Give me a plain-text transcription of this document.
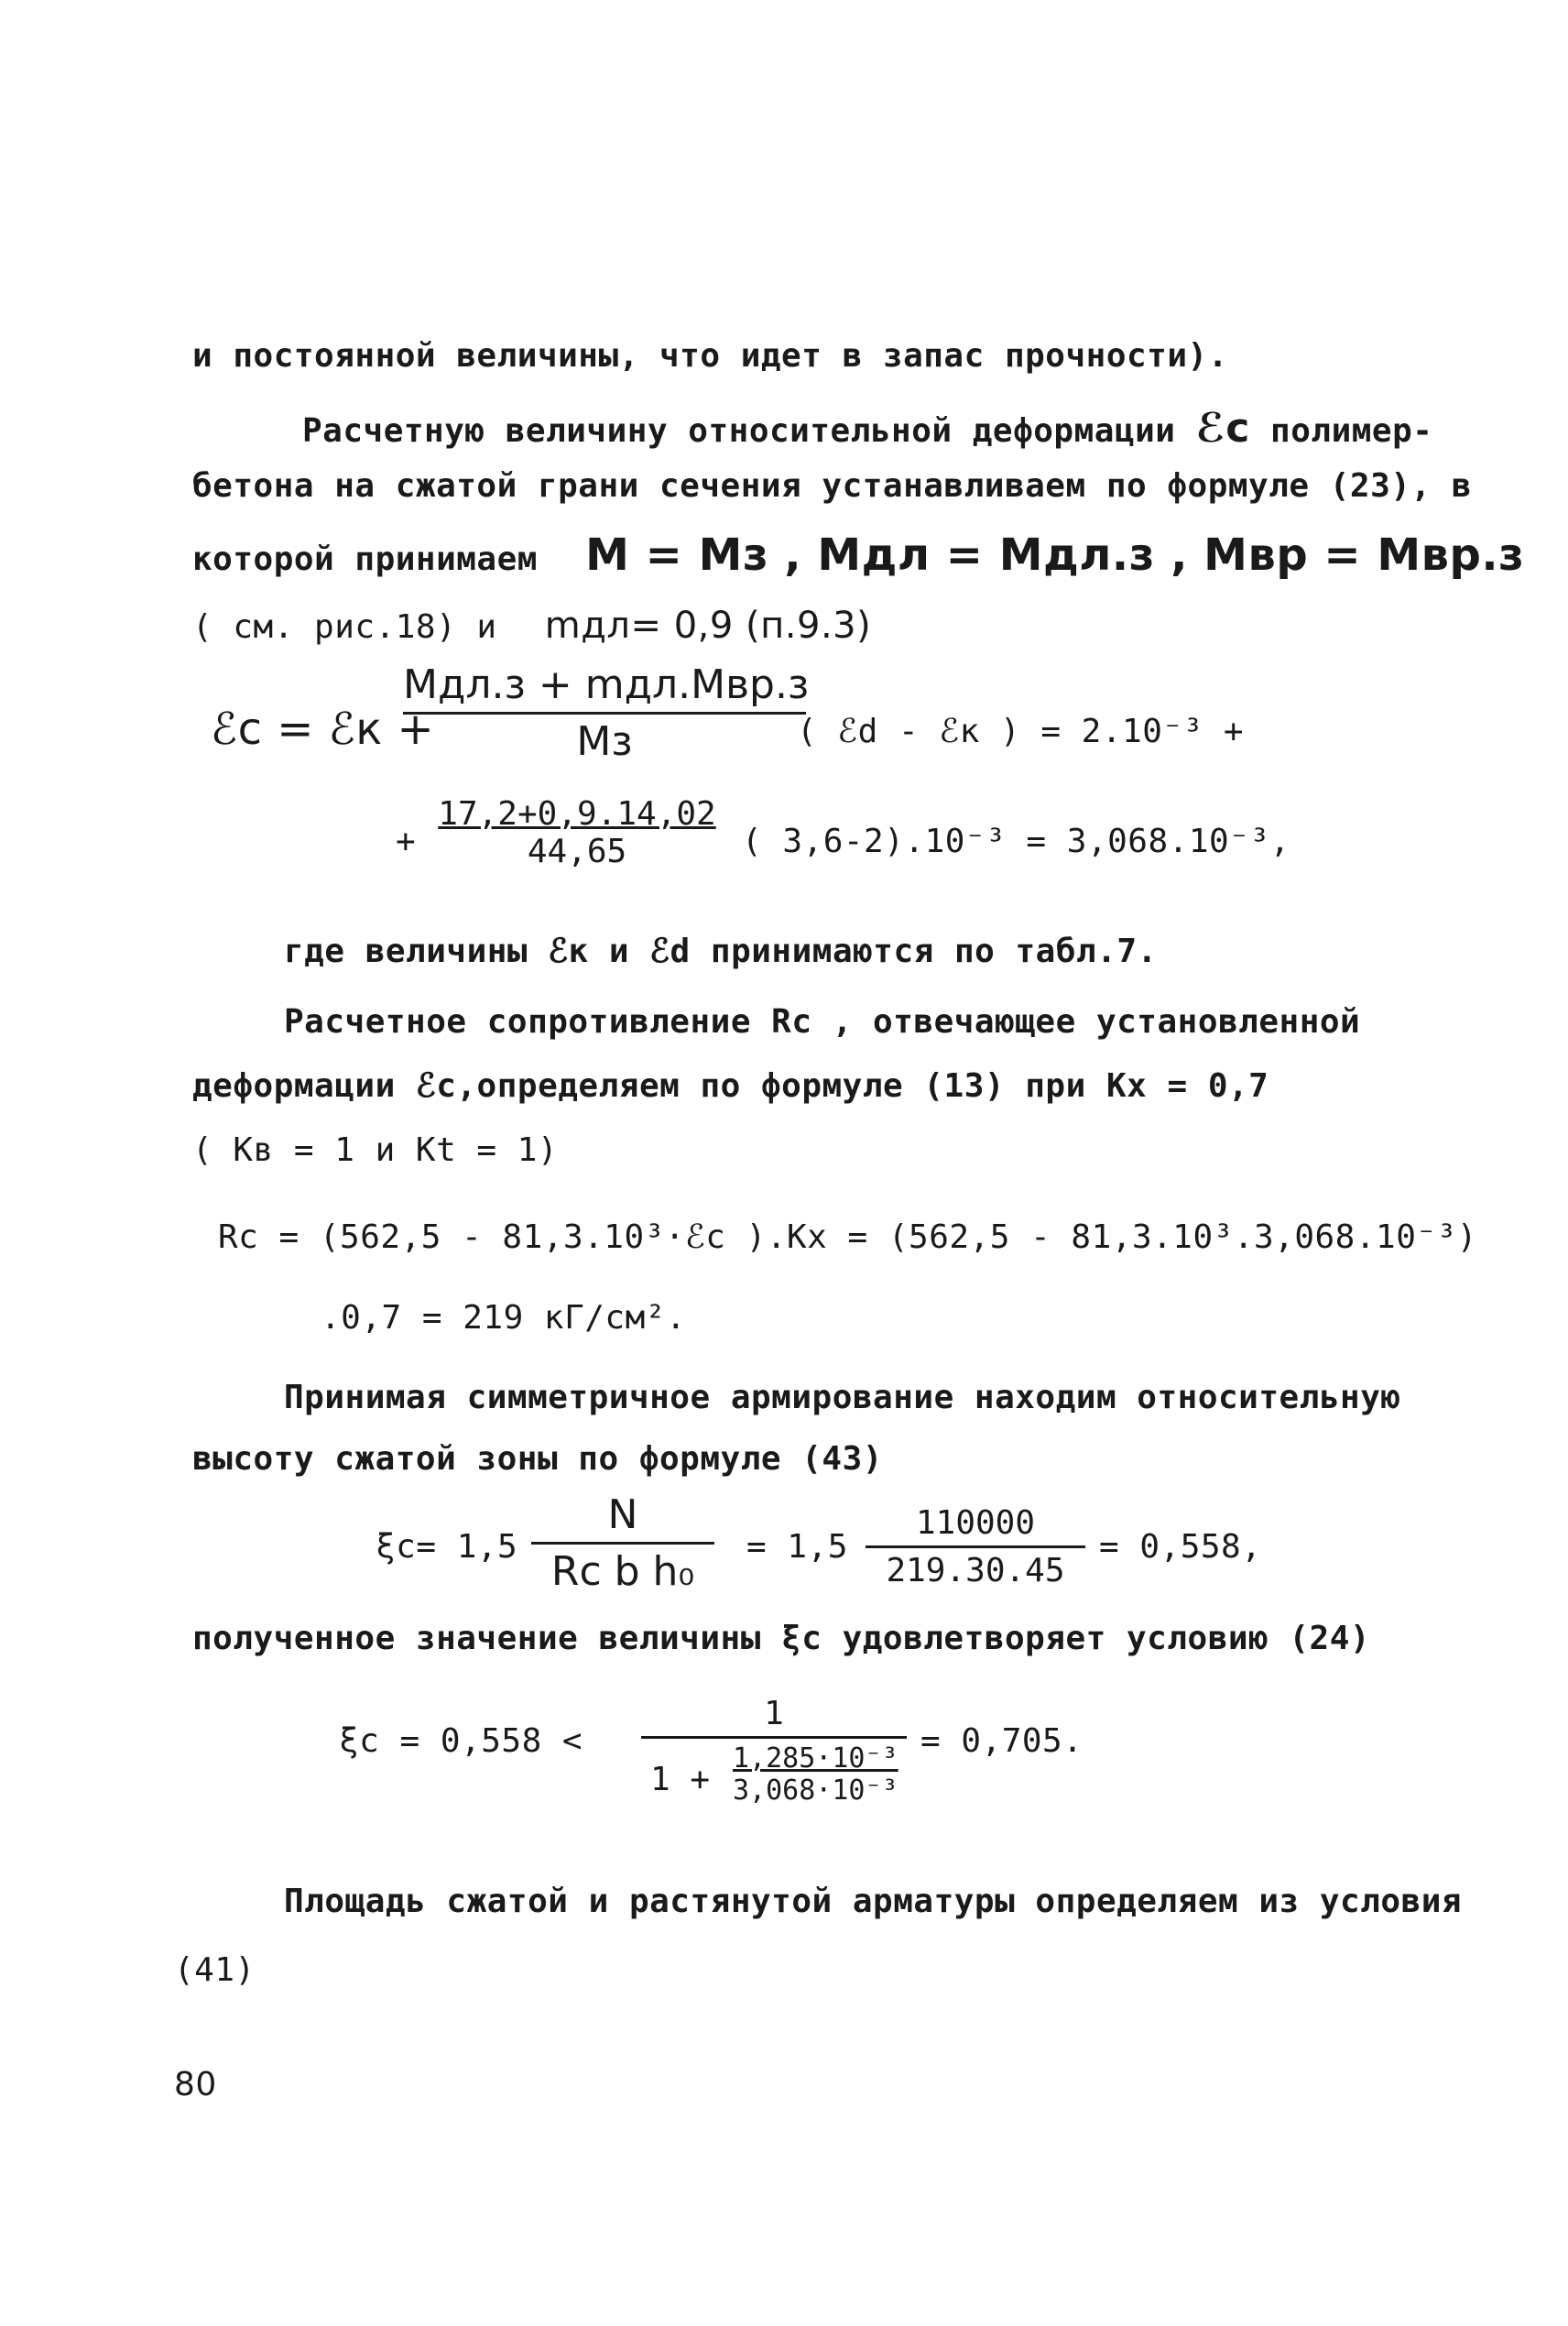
и постоянной величины, что идет в запас прочности).
Расчетную величину относительной деформации ℰc полимер-
бетона на сжатой грани сечения устанавливаем по формуле (23), в
которой принимаем M = Mз , Mдл = Mдл.з , Mвр = Mвр.з
( см. рис.18) и mдл= 0,9 (п.9.3)
ℰc = ℰк +
Mдл.з + mдл.Mвр.з
Mз	( ℰd - ℰк ) = 2.10⁻³ +
+ $\frac{17,2+0,9.14,02}{44,65}$ ( 3,6-2).10⁻³ = 3,068.10⁻³,
где величины ℰк и ℰd принимаются по табл.7.
Расчетное сопротивление Rc , отвечающее установленной
деформации ℰc,определяем по формуле (13) при Kx = 0,7
( Kв = 1 и Kt = 1)
Rc = (562,5 - 81,3.10³·ℰc ).Kx = (562,5 - 81,3.10³.3,068.10⁻³)
.0,7 = 219 кГ/см².
Принимая симметричное армирование находим относительную
высоту сжатой зоны по формуле (43)
ξc= 1,5
N
Rc b h₀
= 1,5
110000
219.30.45
= 0,558,
полученное значение величины ξc удовлетворяет условию (24)
ξc = 0,558 <
1
$1 + \frac{\text{1,285·10⁻³}}{\text{3,068·10⁻³}}$
= 0,705.
Площадь сжатой и растянутой арматуры определяем из условия
(41)
80
